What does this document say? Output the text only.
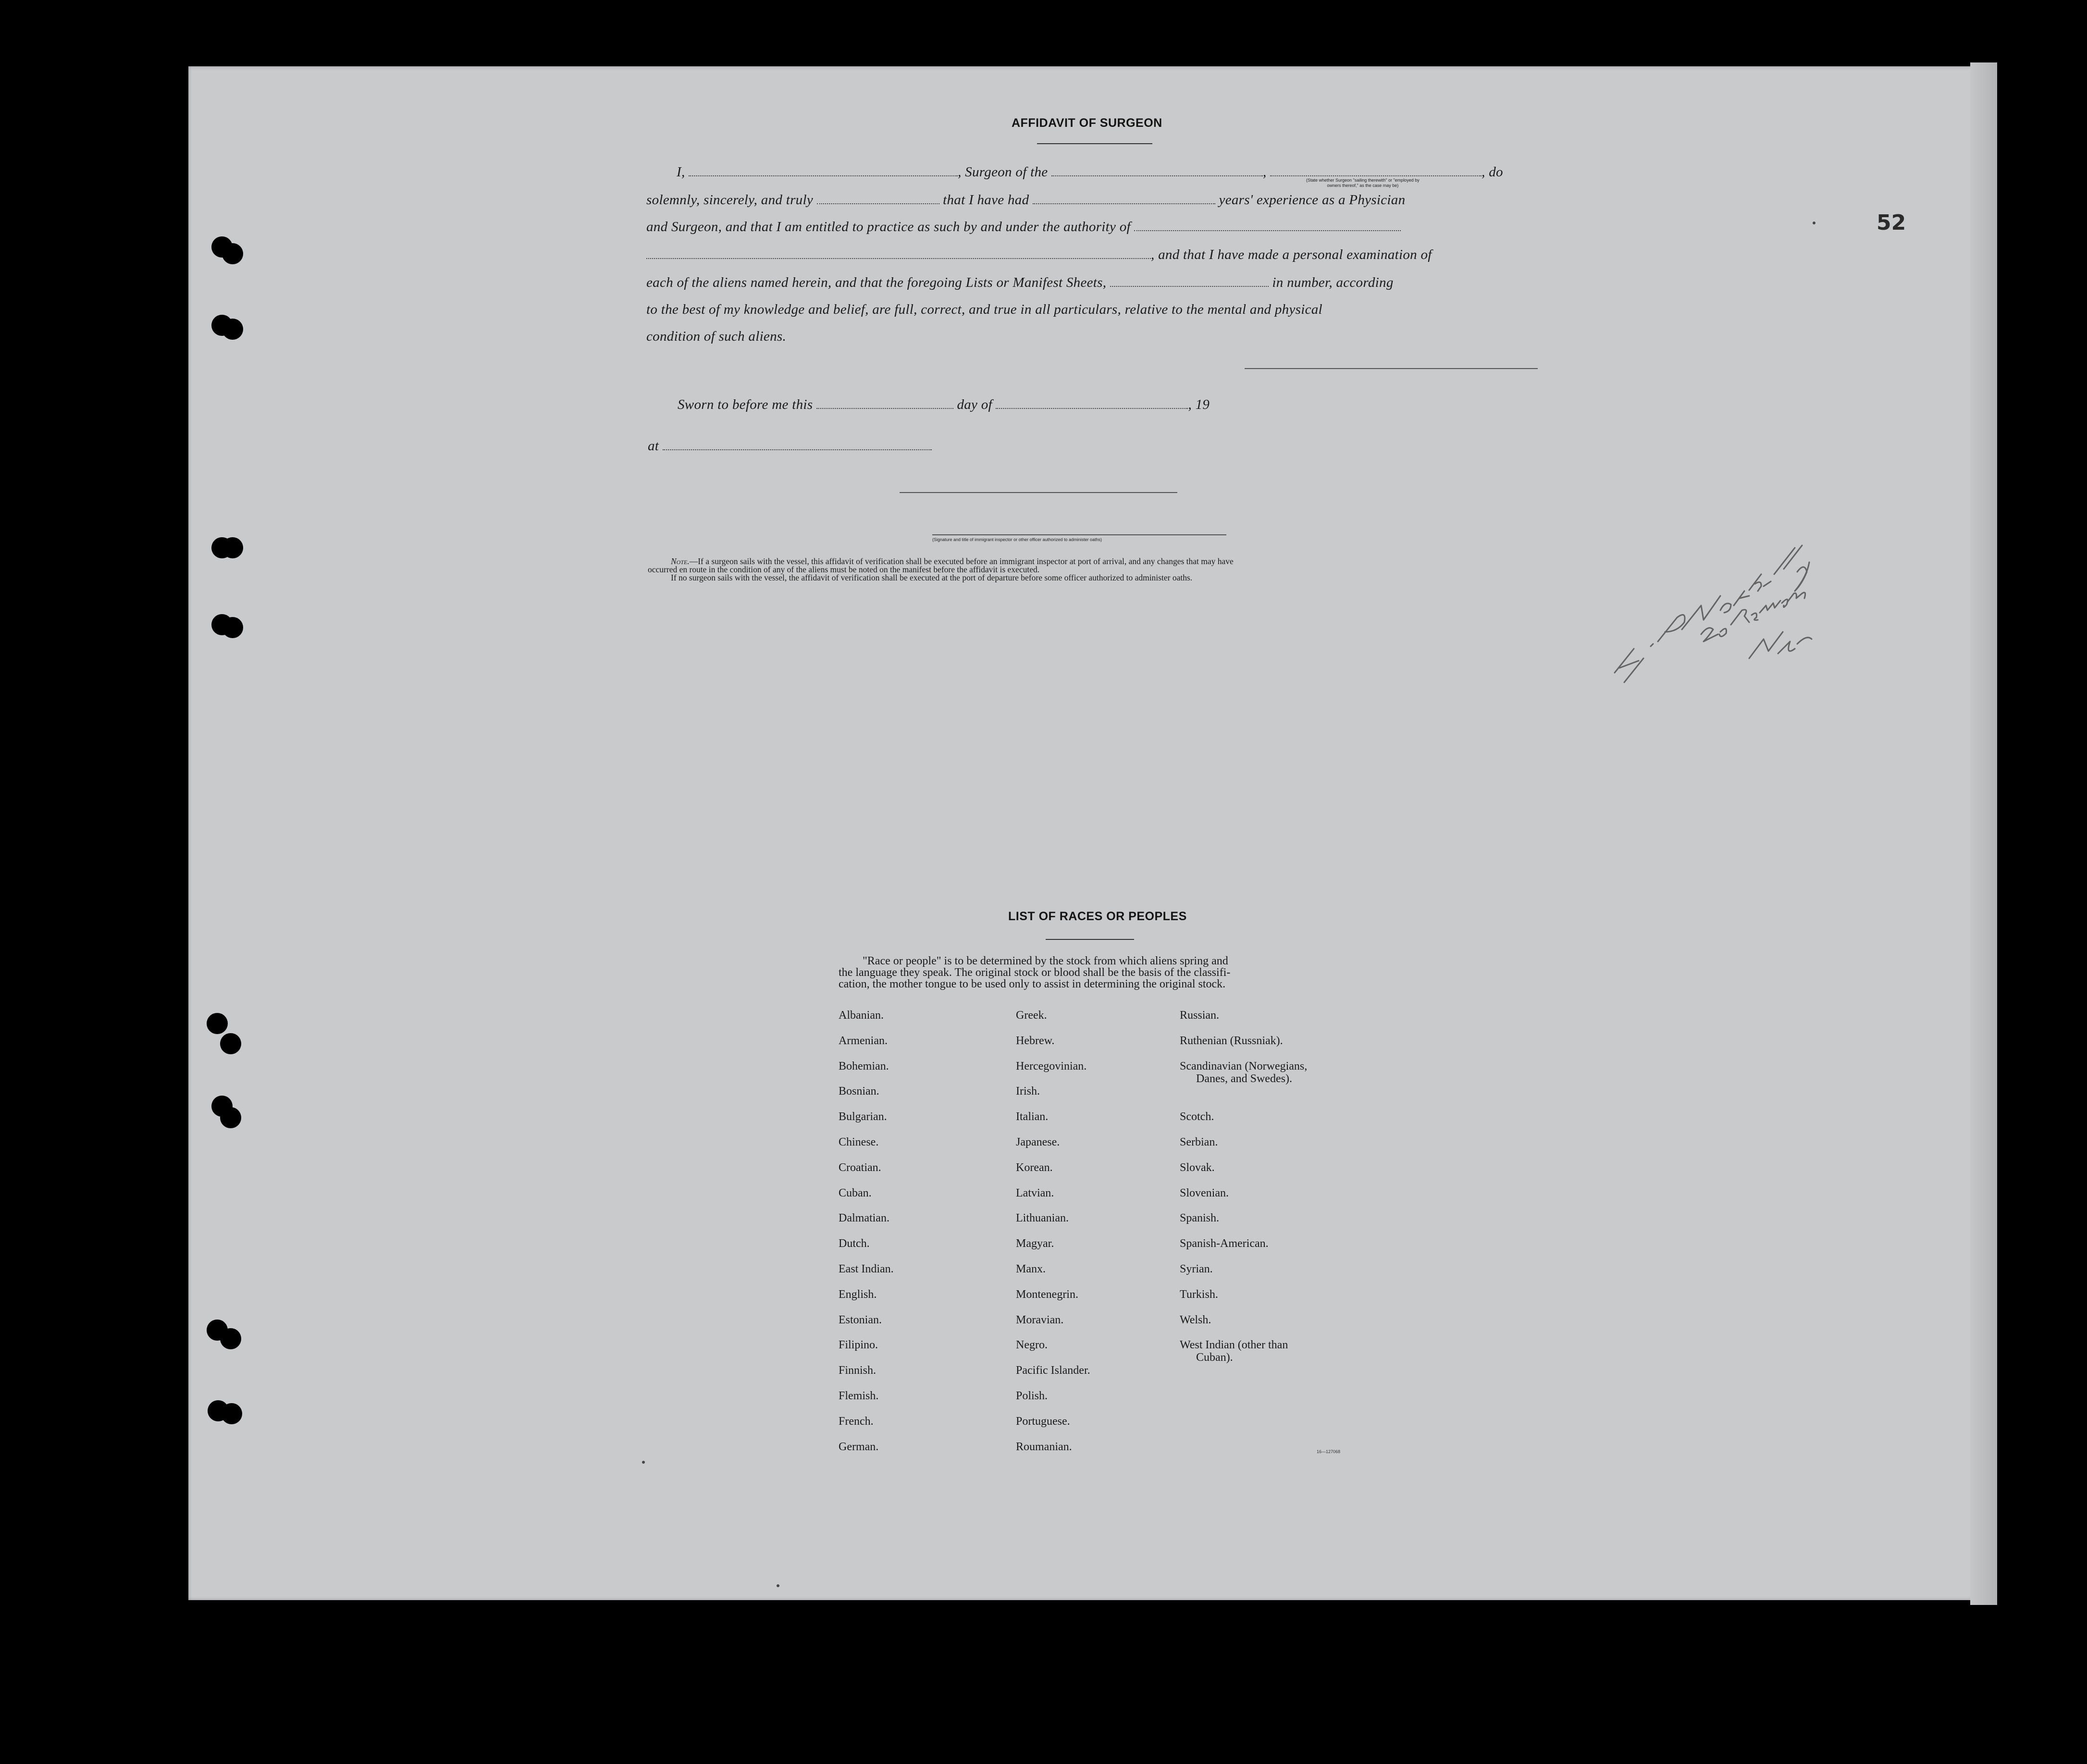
52
AFFIDAVIT OF SURGEON
I,	, Surgeon of the	,	, do
(State whether Surgeon "sailing therewith" or "employed by
owners thereof," as the case may be)
solemnly, sincerely, and truly	that I have had	years' experience as a Physician
and Surgeon, and that I am entitled to practice as such by and under the authority of
, and that I have made a personal examination of
each of the aliens named herein, and that the foregoing Lists or Manifest Sheets,	in number, according
to the best of my knowledge and belief, are full, correct, and true in all particulars, relative to the mental and physical
condition of such aliens.
Sworn to before me this	day of	, 19
at
(Signature and title of immigrant inspector or other officer authorized to administer oaths)
Note.—If a surgeon sails with the vessel, this affidavit of verification shall be executed before an immigrant inspector at port of arrival, and any changes that may have
occurred en route in the condition of any of the aliens must be noted on the manifest before the affidavit is executed.
If no surgeon sails with the vessel, the affidavit of verification shall be executed at the port of departure before some officer authorized to administer oaths.
LIST OF RACES OR PEOPLES
"Race or people" is to be determined by the stock from which aliens spring and
the language they speak. The original stock or blood shall be the basis of the classifi-
cation, the mother tongue to be used only to assist in determining the original stock.
16—127068
Albanian.
Armenian.
Bohemian.
Bosnian.
Bulgarian.
Chinese.
Croatian.
Cuban.
Dalmatian.
Dutch.
East Indian.
English.
Estonian.
Filipino.
Finnish.
Flemish.
French.
German.
Greek.
Hebrew.
Hercegovinian.
Irish.
Italian.
Japanese.
Korean.
Latvian.
Lithuanian.
Magyar.
Manx.
Montenegrin.
Moravian.
Negro.
Pacific Islander.
Polish.
Portuguese.
Roumanian.
Russian.
Ruthenian (Russniak).
Scandinavian (Norwegians,
Danes, and Swedes).
Scotch.
Serbian.
Slovak.
Slovenian.
Spanish.
Spanish-American.
Syrian.
Turkish.
Welsh.
West Indian (other than
Cuban).
